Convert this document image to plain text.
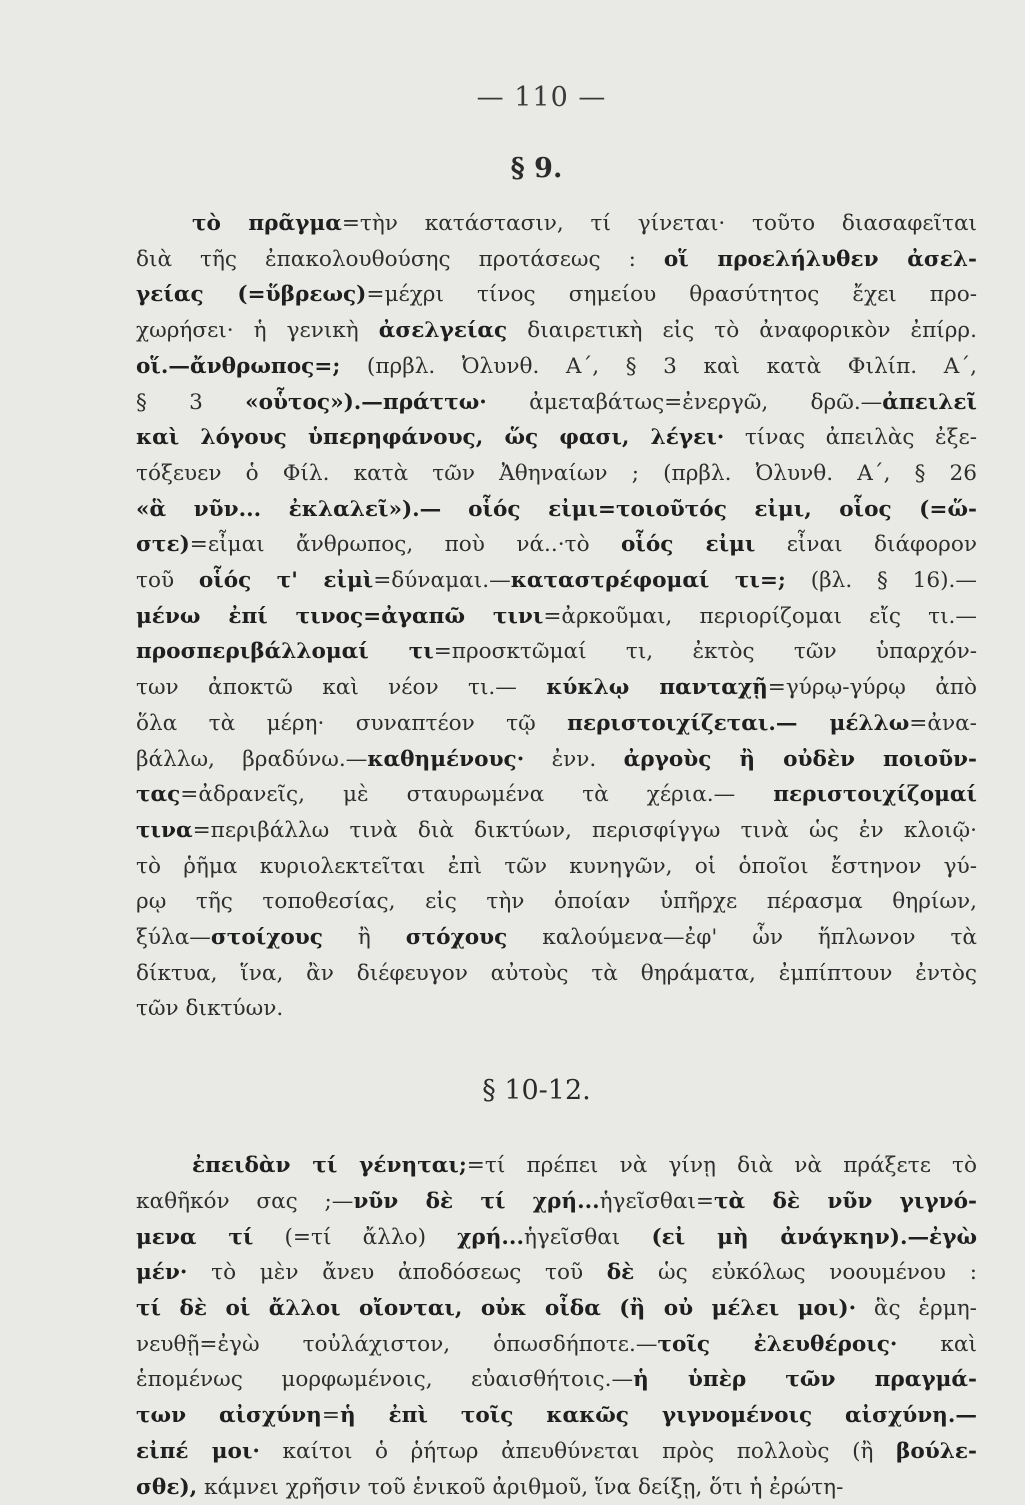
— 110 —
§ 9.
τὸ πρᾶγμα=τὴν κατάστασιν, τί γίνεται· τοῦτο διασαφεῖται
διὰ τῆς ἐπακολουθούσης προτάσεως : οἵ προελήλυθεν ἀσελ-
γείας (=ὕβρεως)=μέχρι τίνος σημείου θρασύτητος ἔχει προ-
χωρήσει· ἡ γενικὴ ἀσελγείας διαιρετικὴ εἰς τὸ ἀναφορικὸν ἐπίρρ.
οἵ.—ἄνθρωπος=; (πρβλ. Ὀλυνθ. Α΄, § 3 καὶ κατὰ Φιλίπ. Α΄,
§ 3 «οὗτος»).—πράττω· ἀμεταβάτως=ἐνεργῶ, δρῶ.—ἀπειλεῖ
καὶ λόγους ὑπερηφάνους, ὥς φασι, λέγει· τίνας ἀπειλὰς ἐξε-
τόξευεν ὁ Φίλ. κατὰ τῶν Ἀθηναίων ; (πρβλ. Ὀλυνθ. Α΄, § 26
«ἃ νῦν... ἐκλαλεῖ»).— οἷός εἰμι=τοιοῦτός εἰμι, οἷος (=ὥ-
στε)=εἶμαι ἄνθρωπος, ποὺ νά..·τὸ οἷός εἰμι εἶναι διάφορον
τοῦ οἷός τ' εἰμὶ=δύναμαι.—καταστρέφομαί τι=; (βλ. § 16).—
μένω ἐπί τινος=ἀγαπῶ τινι=ἀρκοῦμαι, περιορίζομαι εἴς τι.—
προσπεριβάλλομαί τι=προσκτῶμαί τι, ἐκτὸς τῶν ὑπαρχόν-
των ἀποκτῶ καὶ νέον τι.— κύκλῳ πανταχῇ=γύρῳ-γύρῳ ἀπὸ
ὅλα τὰ μέρη· συναπτέον τῷ περιστοιχίζεται.— μέλλω=ἀνα-
βάλλω, βραδύνω.—καθημένους· ἐνν. ἀργοὺς ἢ οὐδὲν ποιοῦν-
τας=ἀδρανεῖς, μὲ σταυρωμένα τὰ χέρια.— περιστοιχίζομαί
τινα=περιβάλλω τινὰ διὰ δικτύων, περισφίγγω τινὰ ὡς ἐν κλοιῷ·
τὸ ῥῆμα κυριολεκτεῖται ἐπὶ τῶν κυνηγῶν, οἱ ὁποῖοι ἔστηνον γύ-
ρῳ τῆς τοποθεσίας, εἰς τὴν ὁποίαν ὑπῆρχε πέρασμα θηρίων,
ξύλα—στοίχους ἢ στόχους καλούμενα—ἐφ' ὧν ἥπλωνον τὰ
δίκτυα, ἵνα, ἂν διέφευγον αὐτοὺς τὰ θηράματα, ἐμπίπτουν ἐντὸς
τῶν δικτύων.
§ 10-12.
ἐπειδὰν τί γένηται;=τί πρέπει νὰ γίνῃ διὰ νὰ πράξετε τὸ
καθῆκόν σας ;—νῦν δὲ τί χρή...ἡγεῖσθαι=τὰ δὲ νῦν γιγνό-
μενα τί (=τί ἄλλο) χρή...ἡγεῖσθαι (εἰ μὴ ἀνάγκην).—ἐγὼ
μέν· τὸ μὲν ἄνευ ἀποδόσεως τοῦ δὲ ὡς εὐκόλως νοουμένου :
τί δὲ οἱ ἄλλοι οἴονται, οὐκ οἶδα (ἢ οὐ μέλει μοι)· ἃς ἑρμη-
νευθῇ=ἐγὼ τοὐλάχιστον, ὁπωσδήποτε.—τοῖς ἐλευθέροις· καὶ
ἑπομένως μορφωμένοις, εὐαισθήτοις.—ἡ ὑπὲρ τῶν πραγμά-
των αἰσχύνη=ἡ ἐπὶ τοῖς κακῶς γιγνομένοις αἰσχύνη.—
εἰπέ μοι· καίτοι ὁ ῥήτωρ ἀπευθύνεται πρὸς πολλοὺς (ἢ βούλε-
σθε), κάμνει χρῆσιν τοῦ ἑνικοῦ ἀριθμοῦ, ἵνα δείξῃ, ὅτι ἡ ἐρώτη-
